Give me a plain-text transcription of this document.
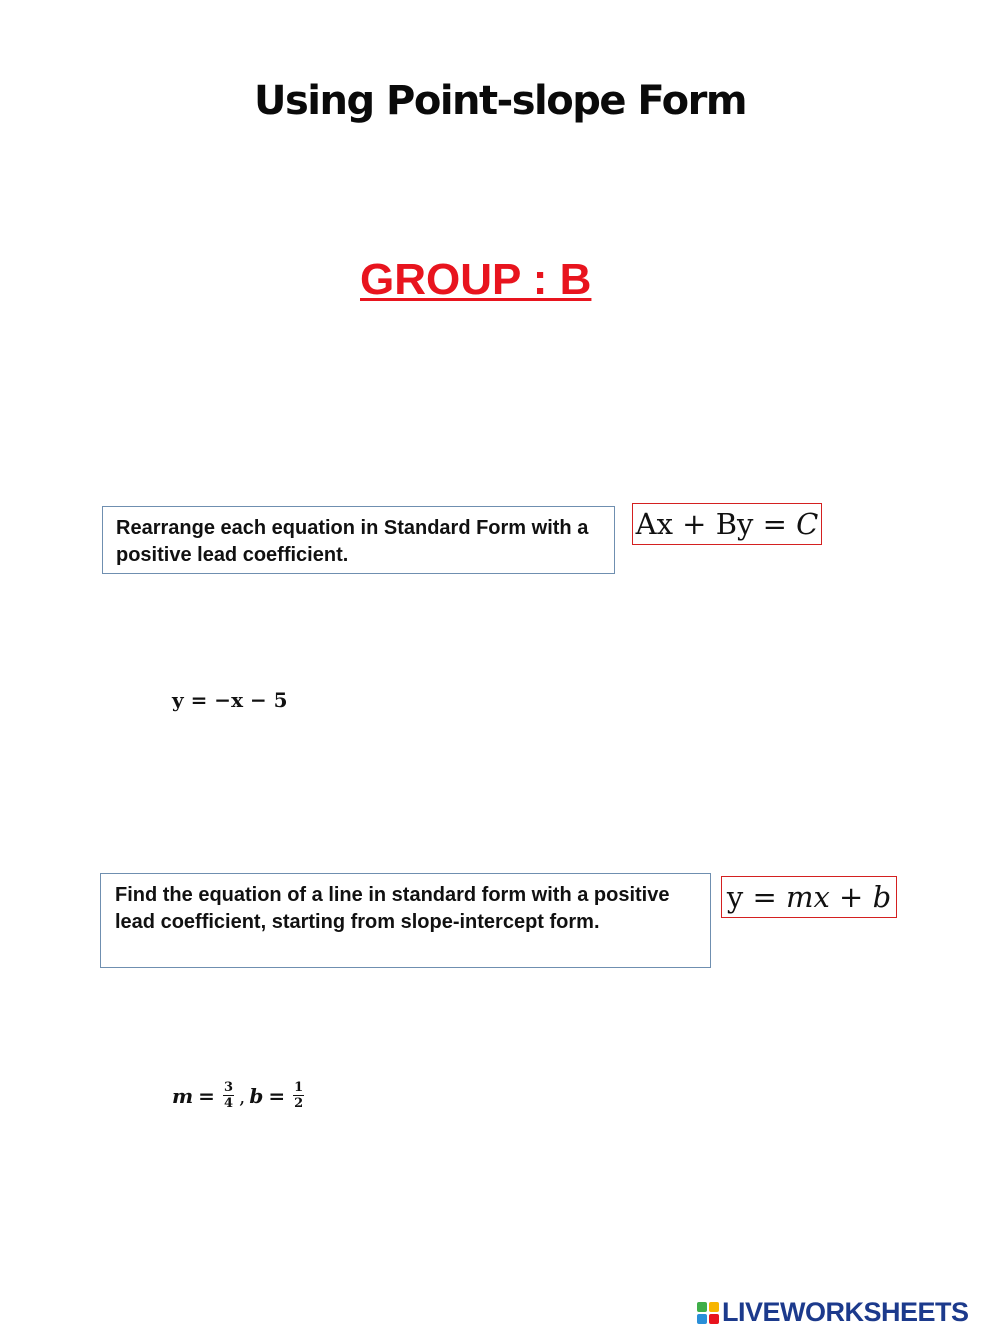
Using Point-slope Form
GROUP : B
Rearrange each equation in Standard Form with a positive lead coefficient.
Ax + By = C
y = −x − 5
Find the equation of a line in standard form with a positive lead coefficient, starting from slope-intercept form.
y = mx + b
$m = \frac{3}{4}$ , $b = \frac{1}{2}$
LIVEWORKSHEETS
